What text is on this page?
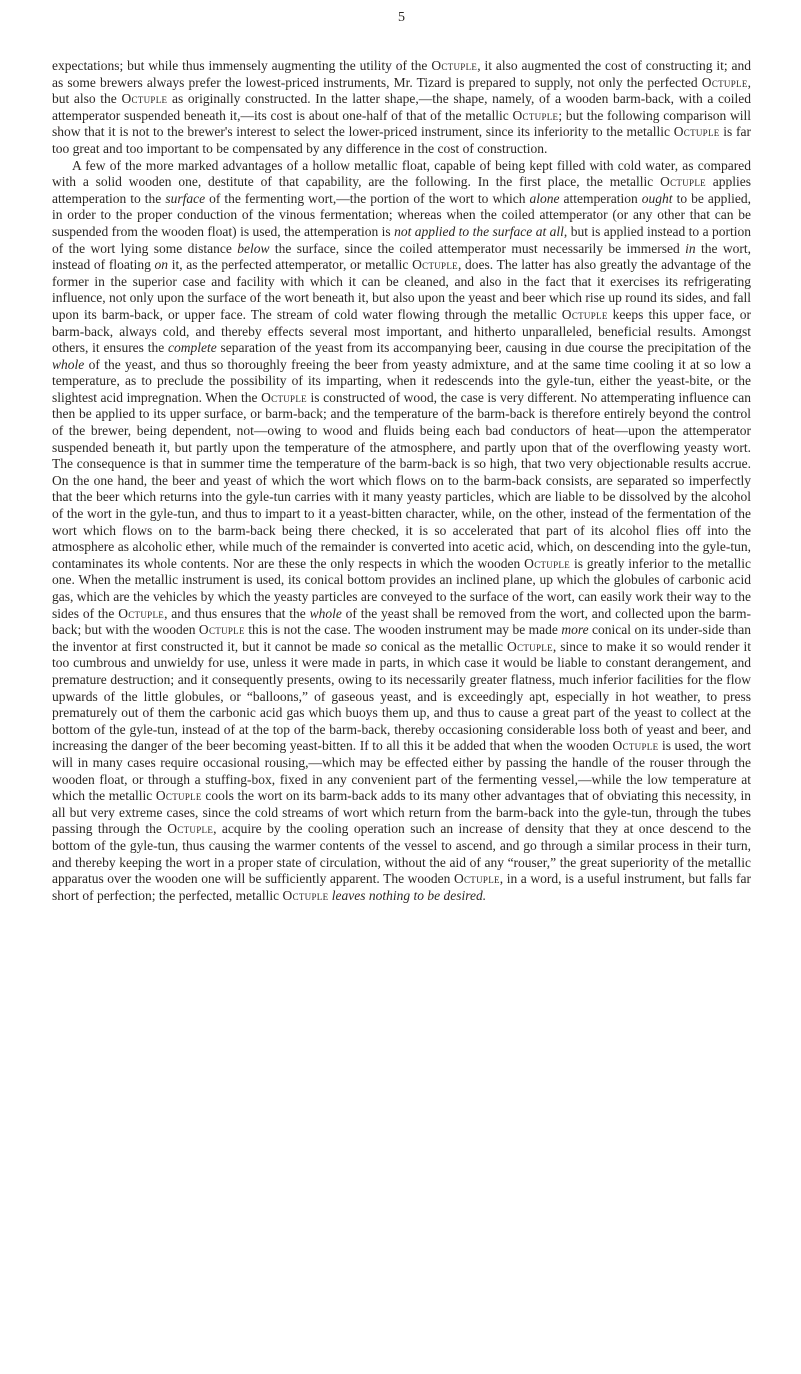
5

expectations; but while thus immensely augmenting the utility of the Octuple, it also augmented the cost of constructing it; and as some brewers always prefer the lowest-priced instruments, Mr. Tizard is prepared to supply, not only the perfected Octuple, but also the Octuple as originally constructed. In the latter shape,—the shape, namely, of a wooden barm-back, with a coiled attemperator suspended beneath it,—its cost is about one-half of that of the metallic Octuple; but the following comparison will show that it is not to the brewer's interest to select the lower-priced instrument, since its inferiority to the metallic Octuple is far too great and too important to be compensated by any difference in the cost of construction.

A few of the more marked advantages of a hollow metallic float, capable of being kept filled with cold water, as compared with a solid wooden one, destitute of that capability, are the following. In the first place, the metallic Octuple applies attemperation to the surface of the fermenting wort,—the portion of the wort to which alone attemperation ought to be applied, in order to the proper conduction of the vinous fermentation; whereas when the coiled attemperator (or any other that can be suspended from the wooden float) is used, the attemperation is not applied to the surface at all, but is applied instead to a portion of the wort lying some distance below the surface, since the coiled attemperator must necessarily be immersed in the wort, instead of floating on it, as the perfected attemperator, or metallic Octuple, does. The latter has also greatly the advantage of the former in the superior case and facility with which it can be cleaned, and also in the fact that it exercises its refrigerating influence, not only upon the surface of the wort beneath it, but also upon the yeast and beer which rise up round its sides, and fall upon its barm-back, or upper face. The stream of cold water flowing through the metallic Octuple keeps this upper face, or barm-back, always cold, and thereby effects several most important, and hitherto unparalleled, beneficial results. Amongst others, it ensures the complete separation of the yeast from its accompanying beer, causing in due course the precipitation of the whole of the yeast, and thus so thoroughly freeing the beer from yeasty admixture, and at the same time cooling it at so low a temperature, as to preclude the possibility of its imparting, when it redescends into the gyle-tun, either the yeast-bite, or the slightest acid impregnation. When the Octuple is constructed of wood, the case is very different. No attemperating influence can then be applied to its upper surface, or barm-back; and the temperature of the barm-back is therefore entirely beyond the control of the brewer, being dependent, not—owing to wood and fluids being each bad conductors of heat—upon the attemperator suspended beneath it, but partly upon the temperature of the atmosphere, and partly upon that of the overflowing yeasty wort. The consequence is that in summer time the temperature of the barm-back is so high, that two very objectionable results accrue. On the one hand, the beer and yeast of which the wort which flows on to the barm-back consists, are separated so imperfectly that the beer which returns into the gyle-tun carries with it many yeasty particles, which are liable to be dissolved by the alcohol of the wort in the gyle-tun, and thus to impart to it a yeast-bitten character, while, on the other, instead of the fermentation of the wort which flows on to the barm-back being there checked, it is so accelerated that part of its alcohol flies off into the atmosphere as alcoholic ether, while much of the remainder is converted into acetic acid, which, on descending into the gyle-tun, contaminates its whole contents. Nor are these the only respects in which the wooden Octuple is greatly inferior to the metallic one. When the metallic instrument is used, its conical bottom provides an inclined plane, up which the globules of carbonic acid gas, which are the vehicles by which the yeasty particles are conveyed to the surface of the wort, can easily work their way to the sides of the Octuple, and thus ensures that the whole of the yeast shall be removed from the wort, and collected upon the barm-back; but with the wooden Octuple this is not the case. The wooden instrument may be made more conical on its under-side than the inventor at first constructed it, but it cannot be made so conical as the metallic Octuple, since to make it so would render it too cumbrous and unwieldy for use, unless it were made in parts, in which case it would be liable to constant derangement, and premature destruction; and it consequently presents, owing to its necessarily greater flatness, much inferior facilities for the flow upwards of the little globules, or “balloons,” of gaseous yeast, and is exceedingly apt, especially in hot weather, to press prematurely out of them the carbonic acid gas which buoys them up, and thus to cause a great part of the yeast to collect at the bottom of the gyle-tun, instead of at the top of the barm-back, thereby occasioning considerable loss both of yeast and beer, and increasing the danger of the beer becoming yeast-bitten. If to all this it be added that when the wooden Octuple is used, the wort will in many cases require occasional rousing,—which may be effected either by passing the handle of the rouser through the wooden float, or through a stuffing-box, fixed in any convenient part of the fermenting vessel,—while the low temperature at which the metallic Octuple cools the wort on its barm-back adds to its many other advantages that of obviating this necessity, in all but very extreme cases, since the cold streams of wort which return from the barm-back into the gyle-tun, through the tubes passing through the Octuple, acquire by the cooling operation such an increase of density that they at once descend to the bottom of the gyle-tun, thus causing the warmer contents of the vessel to ascend, and go through a similar process in their turn, and thereby keeping the wort in a proper state of circulation, without the aid of any “rouser,” the great superiority of the metallic apparatus over the wooden one will be sufficiently apparent. The wooden Octuple, in a word, is a useful instrument, but falls far short of perfection; the perfected, metallic Octuple leaves nothing to be desired.
